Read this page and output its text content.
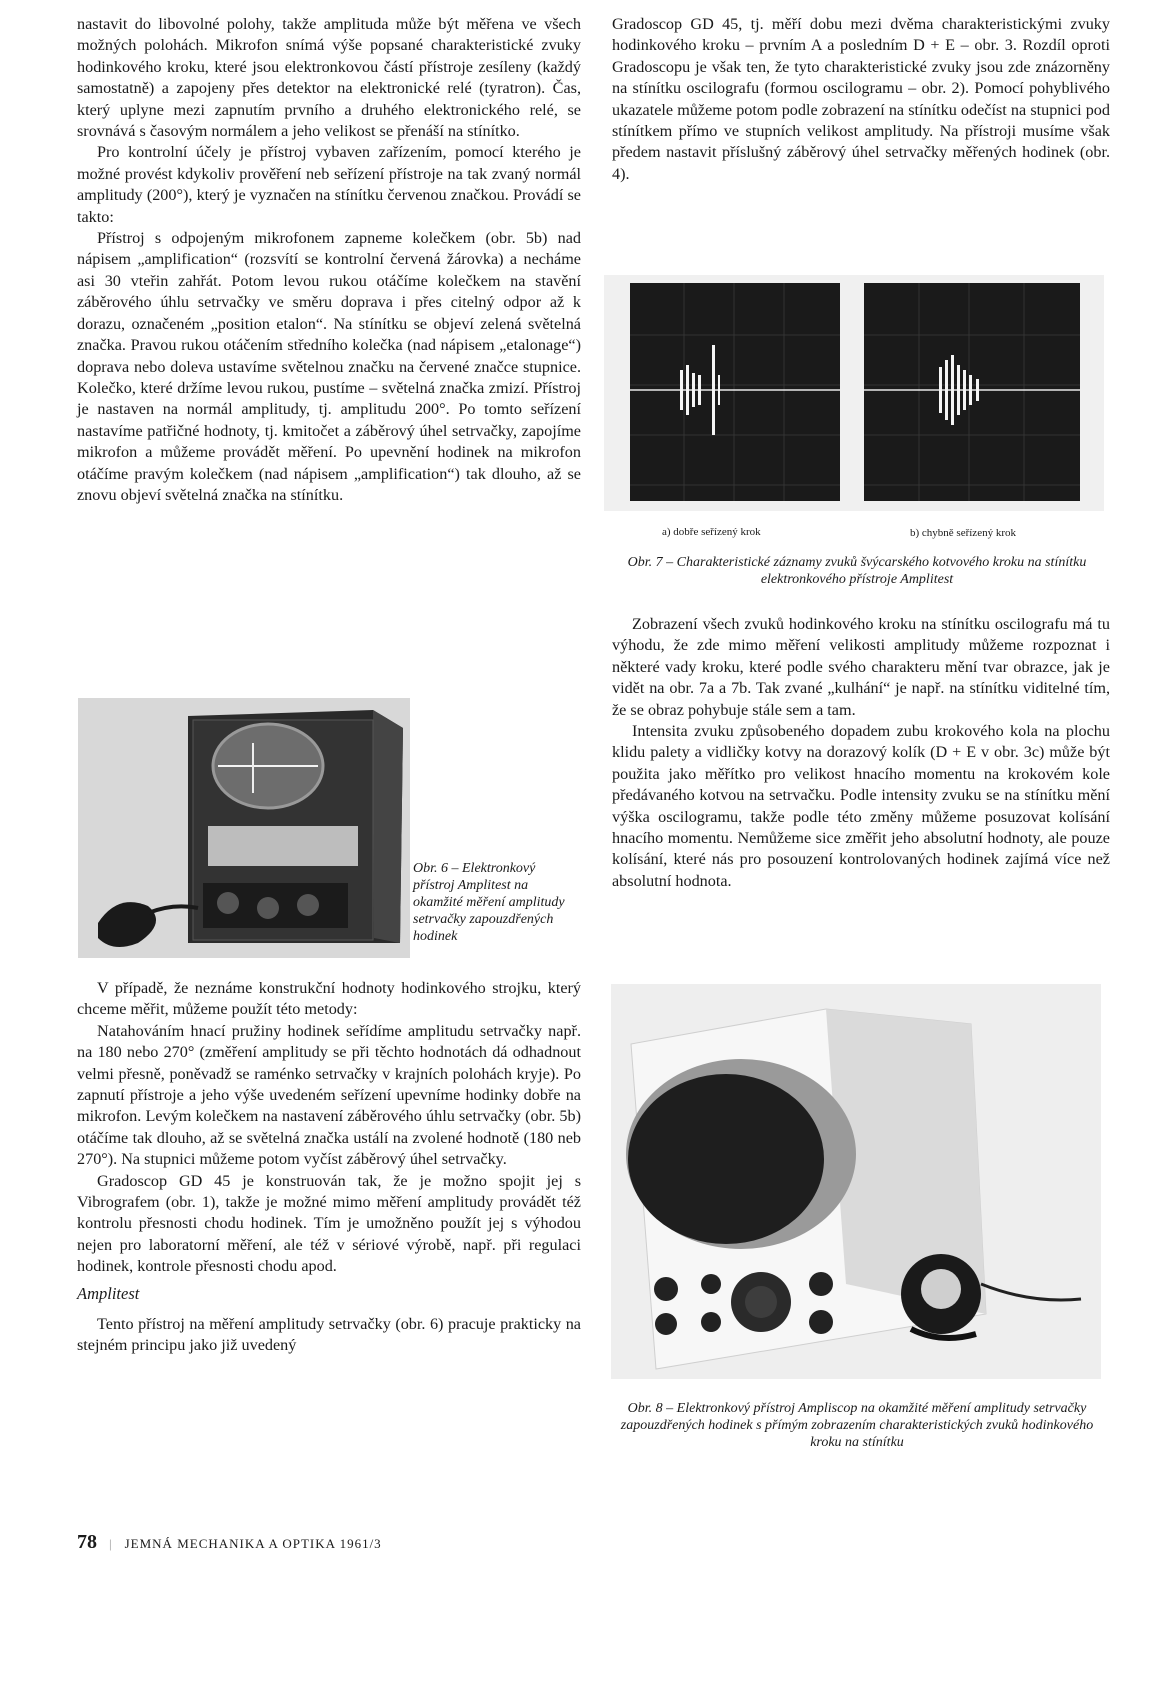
nastavit do libovolné polohy, takže amplituda může být měřena ve všech možných polohách. Mikrofon snímá výše popsané charakteristické zvuky hodinkového kroku, které jsou elektronkovou částí přístroje zesíleny (každý samostatně) a zapojeny přes detektor na elektronické relé (tyratron). Čas, který uplyne mezi zapnutím prvního a druhého elektronického relé, se srovnává s časovým normálem a jeho velikost se přenáší na stínítko.

Pro kontrolní účely je přístroj vybaven zařízením, pomocí kterého je možné provést kdykoliv prověření neb seřízení přístroje na tak zvaný normál amplitudy (200°), který je vyznačen na stínítku červenou značkou. Provádí se takto:

Přístroj s odpojeným mikrofonem zapneme kolečkem (obr. 5b) nad nápisem „amplification“ (rozsvítí se kontrolní červená žárovka) a necháme asi 30 vteřin zahřát. Potom levou rukou otáčíme kolečkem na stavění záběrového úhlu setrvačky ve směru doprava i přes citelný odpor až k dorazu, označeném „position etalon“. Na stínítku se objeví zelená světelná značka. Pravou rukou otáčením středního kolečka (nad nápisem „etalonage“) doprava nebo doleva ustavíme světelnou značku na červené značce stupnice. Kolečko, které držíme levou rukou, pustíme – světelná značka zmizí. Přístroj je nastaven na normál amplitudy, tj. amplitudu 200°. Po tomto seřízení nastavíme patřičné hodnoty, tj. kmitočet a záběrový úhel setrvačky, zapojíme mikrofon a můžeme provádět měření. Po upevnění hodinek na mikrofon otáčíme pravým kolečkem (nad nápisem „amplification“) tak dlouho, až se znovu objeví světelná značka na stínítku.

Obr. 6 – Elektronkový přístroj Amplitest na okamžité měření amplitudy setrvačky zapouzdřených hodinek

V případě, že neznáme konstrukční hodnoty hodinkového strojku, který chceme měřit, můžeme použít této metody:

Natahováním hnací pružiny hodinek seřídíme amplitudu setrvačky např. na 180 nebo 270° (změření amplitudy se při těchto hodnotách dá odhadnout velmi přesně, poněvadž se raménko setrvačky v krajních polohách kryje). Po zapnutí přístroje a jeho výše uvedeném seřízení upevníme hodinky dobře na mikrofon. Levým kolečkem na nastavení záběrového úhlu setrvačky (obr. 5b) otáčíme tak dlouho, až se světelná značka ustálí na zvolené hodnotě (180 neb 270°). Na stupnici můžeme potom vyčíst záběrový úhel setrvačky.

Gradoscop GD 45 je konstruován tak, že je možno spojit jej s Vibrografem (obr. 1), takže je možné mimo měření amplitudy provádět též kontrolu přesnosti chodu hodinek. Tím je umožněno použít jej s výhodou nejen pro laboratorní měření, ale též v sériové výrobě, např. při regulaci hodinek, kontrole přesnosti chodu apod.

Amplitest

Tento přístroj na měření amplitudy setrvačky (obr. 6) pracuje prakticky na stejném principu jako již uvedený

Gradoscop GD 45, tj. měří dobu mezi dvěma charakteristickými zvuky hodinkového kroku – prvním A a posledním D + E – obr. 3. Rozdíl oproti Gradoscopu je však ten, že tyto charakteristické zvuky jsou zde znázorněny na stínítku oscilografu (formou oscilogramu – obr. 2). Pomocí pohyblivého ukazatele můžeme potom podle zobrazení na stínítku odečíst na stupnici pod stínítkem přímo ve stupních velikost amplitudy. Na přístroji musíme však předem nastavit příslušný záběrový úhel setrvačky měřených hodinek (obr. 4).

a) dobře seřízený krok	b) chybně seřízený krok

Obr. 7 – Charakteristické záznamy zvuků švýcarského kotvového kroku na stínítku elektronkového přístroje Amplitest

Zobrazení všech zvuků hodinkového kroku na stínítku oscilografu má tu výhodu, že zde mimo měření velikosti amplitudy můžeme rozpoznat i některé vady kroku, které podle svého charakteru mění tvar obrazce, jak je vidět na obr. 7a a 7b. Tak zvané „kulhání“ je např. na stínítku viditelné tím, že se obraz pohybuje stále sem a tam.

Intensita zvuku způsobeného dopadem zubu krokového kola na plochu klidu palety a vidličky kotvy na dorazový kolík (D + E v obr. 3c) může být použita jako měřítko pro velikost hnacího momentu na krokovém kole předávaného kotvou na setrvačku. Podle intensity zvuku se na stínítku mění výška oscilogramu, takže podle této změny můžeme posuzovat kolísání hnacího momentu. Nemůžeme sice změřit jeho absolutní hodnoty, ale pouze kolísání, které nás pro posouzení kontrolovaných hodinek zajímá více než absolutní hodnota.

Obr. 8 – Elektronkový přístroj Ampliscop na okamžité měření amplitudy setrvačky zapouzdřených hodinek s přímým zobrazením charakteristických zvuků hodinkového kroku na stínítku

78 | JEMNÁ MECHANIKA A OPTIKA 1961/3
